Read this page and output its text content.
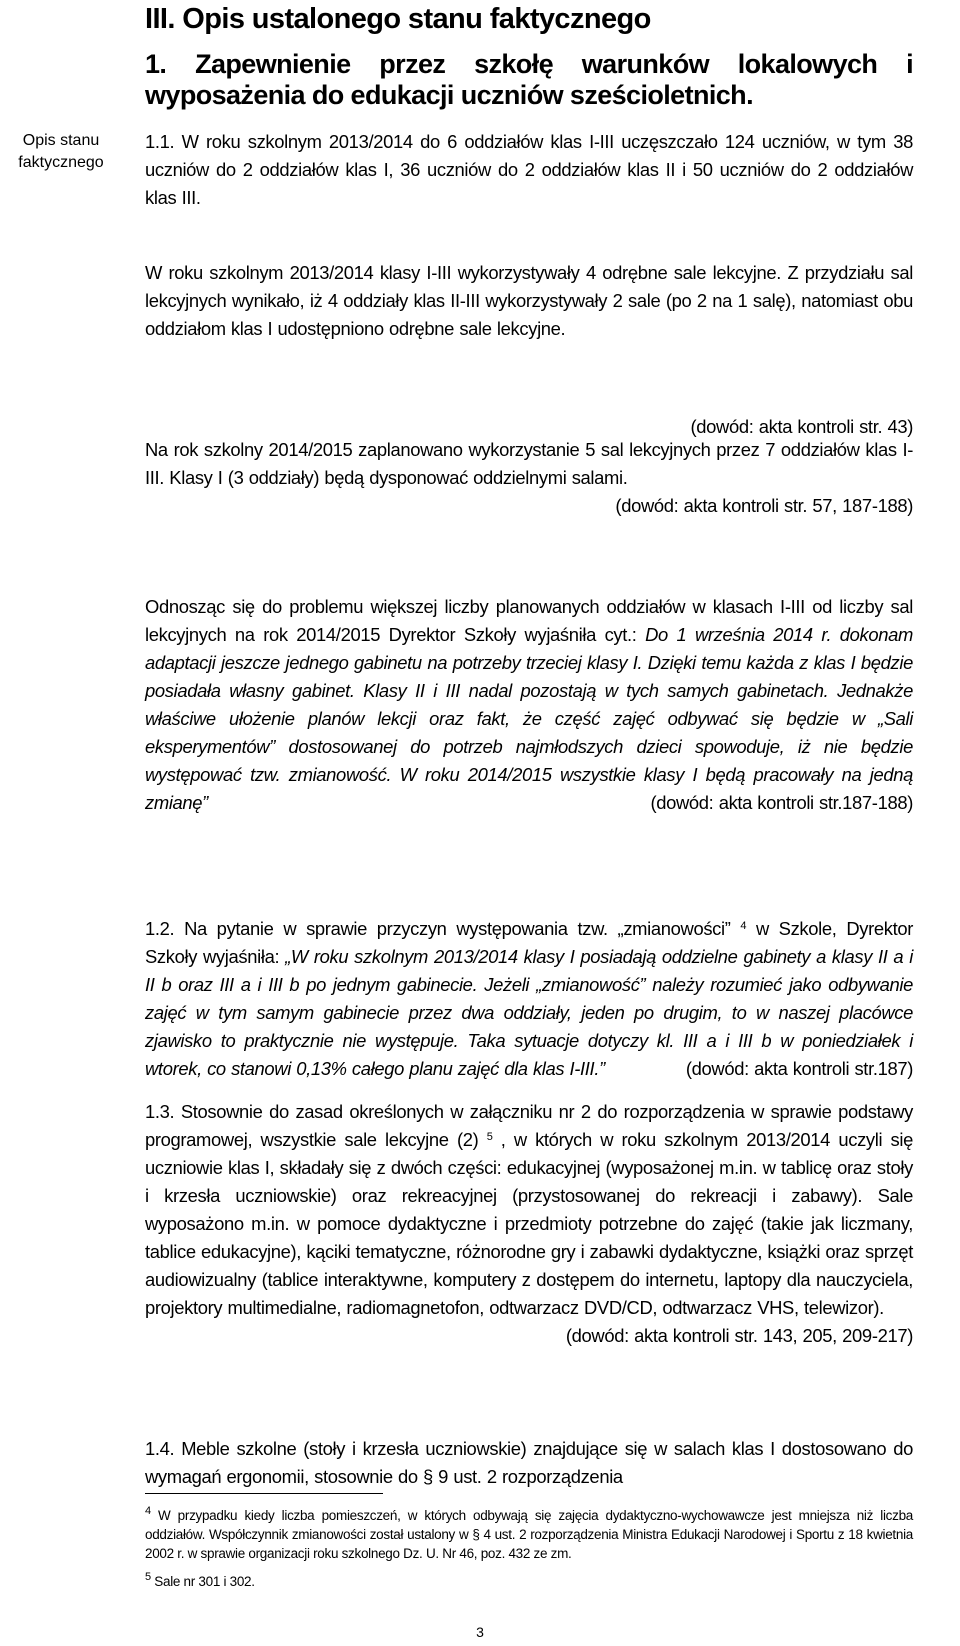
III. Opis ustalonego stanu faktycznego
1. Zapewnienie przez szkołę warunków lokalowych i
wyposażenia do edukacji uczniów sześcioletnich.
Opis stanu
faktycznego

1.1. W roku szkolnym 2013/2014 do 6 oddziałów klas I-III uczęszczało 124 uczniów, w tym 38 uczniów do 2 oddziałów klas I, 36 uczniów do 2 oddziałów klas II i 50 uczniów do 2 oddziałów klas III.

W roku szkolnym 2013/2014 klasy I-III wykorzystywały 4 odrębne sale lekcyjne. Z przydziału sal lekcyjnych wynikało, iż 4 oddziały klas II-III wykorzystywały 2 sale (po 2 na 1 salę), natomiast obu oddziałom klas I udostępniono odrębne sale lekcyjne.

(dowód: akta kontroli str. 43)

Na rok szkolny 2014/2015 zaplanowano wykorzystanie 5 sal lekcyjnych przez 7 oddziałów klas I-III. Klasy I (3 oddziały) będą dysponować oddzielnymi salami.

(dowód: akta kontroli str. 57, 187-188)

Odnosząc się do problemu większej liczby planowanych oddziałów w klasach I-III od liczby sal lekcyjnych na rok 2014/2015 Dyrektor Szkoły wyjaśniła cyt.: Do 1 września 2014 r. dokonam adaptacji jeszcze jednego gabinetu na potrzeby trzeciej klasy I. Dzięki temu każda z klas I będzie posiadała własny gabinet. Klasy II i III nadal pozostają w tych samych gabinetach. Jednakże właściwe ułożenie planów lekcji oraz fakt, że część zajęć odbywać się będzie w „Sali eksperymentów” dostosowanej do potrzeb najmłodszych dzieci spowoduje, iż nie będzie występować tzw. zmianowość. W roku 2014/2015 wszystkie klasy I będą pracowały na jedną zmianę”	(dowód: akta kontroli str.187-188)

1.2. Na pytanie w sprawie przyczyn występowania tzw. „zmianowości” $^4$ w Szkole, Dyrektor Szkoły wyjaśniła: „W roku szkolnym 2013/2014 klasy I posiadają oddzielne gabinety a klasy II a i II b oraz III a i III b po jednym gabinecie. Jeżeli „zmianowość” należy rozumieć jako odbywanie zajęć w tym samym gabinecie przez dwa oddziały, jeden po drugim, to w naszej placówce zjawisko to praktycznie nie występuje. Taka sytuacje dotyczy kl. III a i III b w poniedziałek i wtorek, co stanowi 0,13% całego planu zajęć dla klas I-III.”	(dowód: akta kontroli str.187)

1.3. Stosownie do zasad określonych w załączniku nr 2 do rozporządzenia w sprawie podstawy programowej, wszystkie sale lekcyjne (2) $^5$ , w których w roku szkolnym 2013/2014 uczyli się uczniowie klas I, składały się z dwóch części: edukacyjnej (wyposażonej m.in. w tablicę oraz stoły i krzesła uczniowskie) oraz rekreacyjnej (przystosowanej do rekreacji i zabawy). Sale wyposażono m.in. w pomoce dydaktyczne i przedmioty potrzebne do zajęć (takie jak liczmany, tablice edukacyjne), kąciki tematyczne, różnorodne gry i zabawki dydaktyczne, książki oraz sprzęt audiowizualny (tablice interaktywne, komputery z dostępem do internetu, laptopy dla nauczyciela, projektory multimedialne, radiomagnetofon, odtwarzacz DVD/CD, odtwarzacz VHS, telewizor).

(dowód: akta kontroli str. 143, 205, 209-217)

1.4. Meble szkolne (stoły i krzesła uczniowskie) znajdujące się w salach klas I dostosowano do wymagań ergonomii, stosownie do § 9 ust. 2 rozporządzenia

$^4$ W przypadku kiedy liczba pomieszczeń, w których odbywają się zajęcia dydaktyczno-wychowawcze jest mniejsza niż liczba oddziałów. Współczynnik zmianowości został ustalony w § 4 ust. 2 rozporządzenia Ministra Edukacji Narodowej i Sportu z 18 kwietnia 2002 r. w sprawie organizacji roku szkolnego Dz. U. Nr 46, poz. 432 ze zm.

$^5$ Sale nr 301 i 302.

3
